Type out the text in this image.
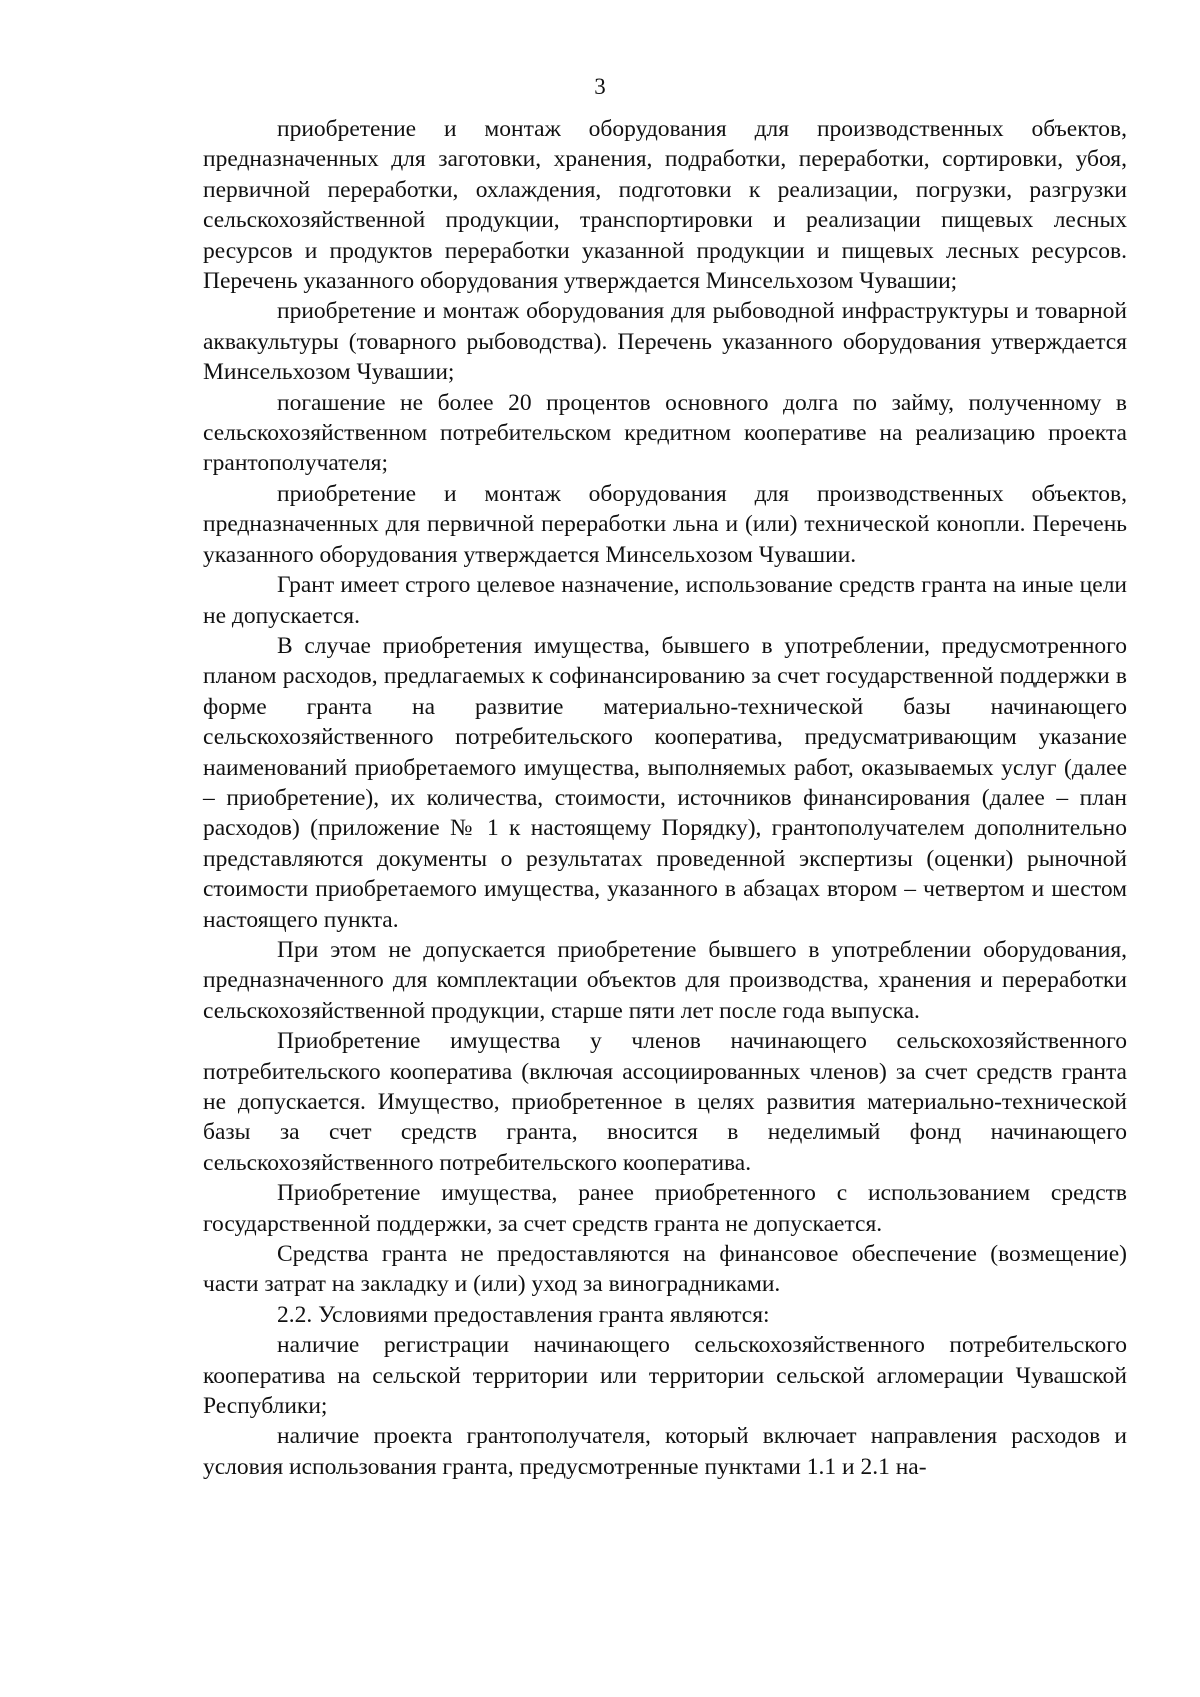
3

приобретение и монтаж оборудования для производственных объектов, предназначенных для заготовки, хранения, подработки, переработки, сортировки, убоя, первичной переработки, охлаждения, подготовки к реализации, погрузки, разгрузки сельскохозяйственной продукции, транспортировки и реализации пищевых лесных ресурсов и продуктов переработки указанной продукции и пищевых лесных ресурсов. Перечень указанного оборудования утверждается Минсельхозом Чувашии;

приобретение и монтаж оборудования для рыбоводной инфраструктуры и товарной аквакультуры (товарного рыбоводства). Перечень указанного оборудования утверждается Минсельхозом Чувашии;

погашение не более 20 процентов основного долга по займу, полученному в сельскохозяйственном потребительском кредитном кооперативе на реализацию проекта грантополучателя;

приобретение и монтаж оборудования для производственных объектов, предназначенных для первичной переработки льна и (или) технической конопли. Перечень указанного оборудования утверждается Минсельхозом Чувашии.

Грант имеет строго целевое назначение, использование средств гранта на иные цели не допускается.

В случае приобретения имущества, бывшего в употреблении, предусмотренного планом расходов, предлагаемых к софинансированию за счет государственной поддержки в форме гранта на развитие материально-технической базы начинающего сельскохозяйственного потребительского кооператива, предусматривающим указание наименований приобретаемого имущества, выполняемых работ, оказываемых услуг (далее – приобретение), их количества, стоимости, источников финансирования (далее – план расходов) (приложение № 1 к настоящему Порядку), грантополучателем дополнительно представляются документы о результатах проведенной экспертизы (оценки) рыночной стоимости приобретаемого имущества, указанного в абзацах втором – четвертом и шестом настоящего пункта.

При этом не допускается приобретение бывшего в употреблении оборудования, предназначенного для комплектации объектов для производства, хранения и переработки сельскохозяйственной продукции, старше пяти лет после года выпуска.

Приобретение имущества у членов начинающего сельскохозяйственного потребительского кооператива (включая ассоциированных членов) за счет средств гранта не допускается. Имущество, приобретенное в целях развития материально-технической базы за счет средств гранта, вносится в неделимый фонд начинающего сельскохозяйственного потребительского кооператива.

Приобретение имущества, ранее приобретенного с использованием средств государственной поддержки, за счет средств гранта не допускается.

Средства гранта не предоставляются на финансовое обеспечение (возмещение) части затрат на закладку и (или) уход за виноградниками.

2.2. Условиями предоставления гранта являются:

наличие регистрации начинающего сельскохозяйственного потребительского кооператива на сельской территории или территории сельской агломерации Чувашской Республики;

наличие проекта грантополучателя, который включает направления расходов и условия использования гранта, предусмотренные пунктами 1.1 и 2.1 на-
